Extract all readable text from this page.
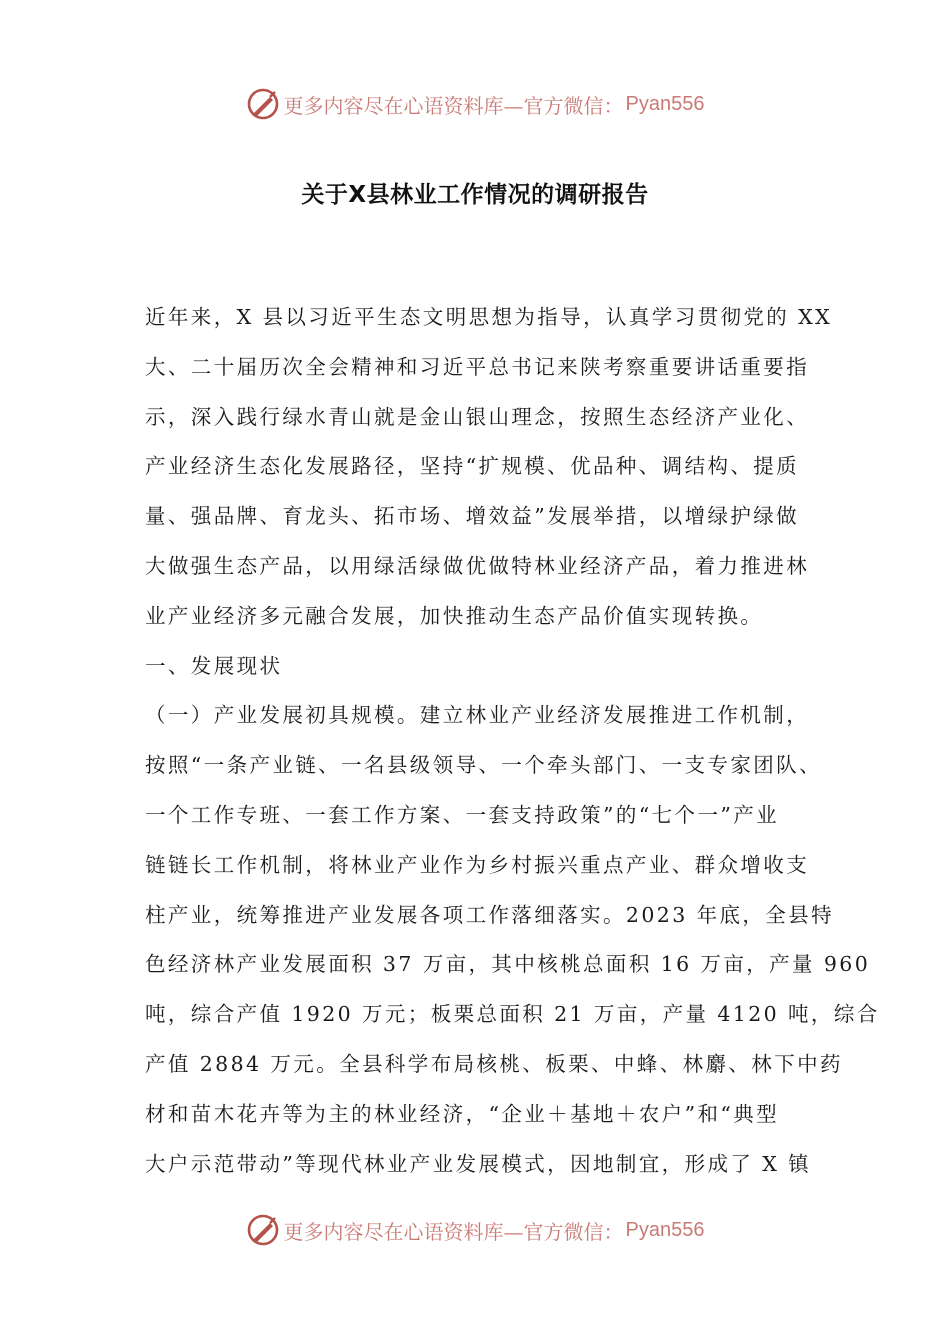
更多内容尽在心语资料库—官方微信： Pyan556
关于X县林业工作情况的调研报告
近年来，X 县以习近平生态文明思想为指导，认真学习贯彻党的 XX
大、二十届历次全会精神和习近平总书记来陕考察重要讲话重要指
示，深入践行绿水青山就是金山银山理念，按照生态经济产业化、
产业经济生态化发展路径，坚持“扩规模、优品种、调结构、提质
量、强品牌、育龙头、拓市场、增效益”发展举措，以增绿护绿做
大做强生态产品，以用绿活绿做优做特林业经济产品，着力推进林
业产业经济多元融合发展，加快推动生态产品价值实现转换。
一、发展现状
（一）产业发展初具规模。建立林业产业经济发展推进工作机制，
按照“一条产业链、一名县级领导、一个牵头部门、一支专家团队、
一个工作专班、一套工作方案、一套支持政策”的“七个一”产业
链链长工作机制，将林业产业作为乡村振兴重点产业、群众增收支
柱产业，统筹推进产业发展各项工作落细落实。2023 年底，全县特
色经济林产业发展面积 37 万亩，其中核桃总面积 16 万亩，产量 960
吨，综合产值 1920 万元；板栗总面积 21 万亩，产量 4120 吨，综合
产值 2884 万元。全县科学布局核桃、板栗、中蜂、林麝、林下中药
材和苗木花卉等为主的林业经济，“企业＋基地＋农户”和“典型
大户示范带动”等现代林业产业发展模式，因地制宜，形成了 X 镇
更多内容尽在心语资料库—官方微信： Pyan556
